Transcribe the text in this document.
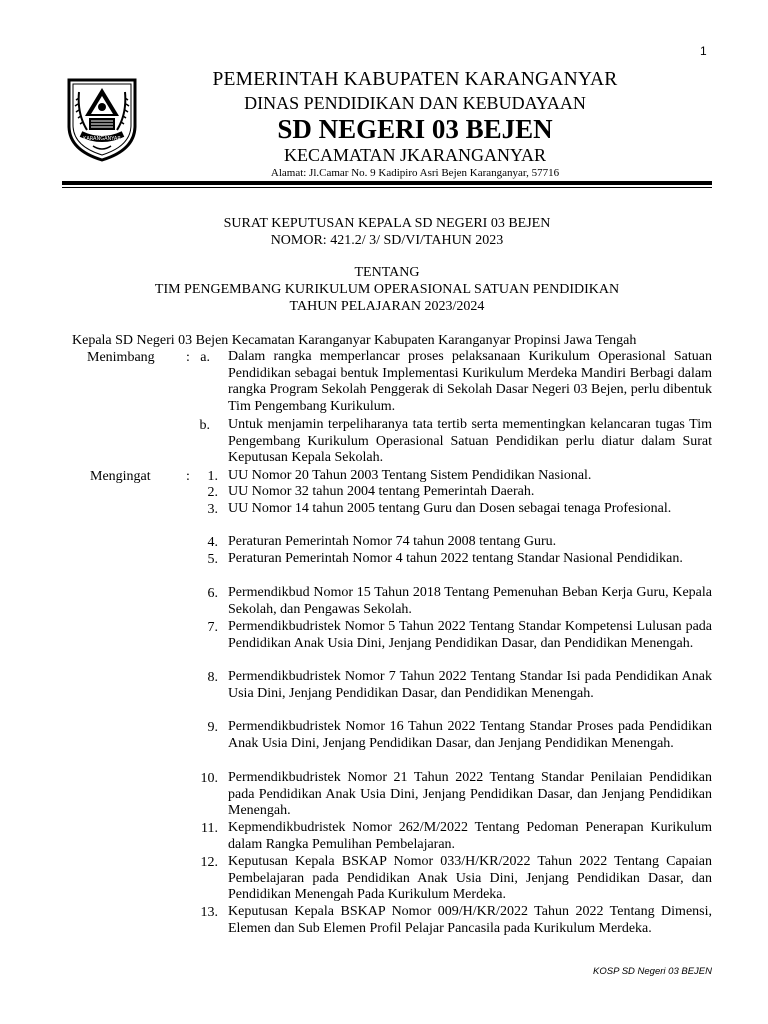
1
KARANGANYAR
PEMERINTAH KABUPATEN KARANGANYAR
DINAS PENDIDIKAN DAN KEBUDAYAAN
SD NEGERI 03 BEJEN
KECAMATAN JKARANGANYAR
Alamat: Jl.Camar No. 9 Kadipiro Asri Bejen Karanganyar, 57716
SURAT KEPUTUSAN KEPALA SD NEGERI 03 BEJEN
NOMOR: 421.2/ 3/ SD/VI/TAHUN 2023
TENTANG
TIM PENGEMBANG KURIKULUM OPERASIONAL SATUAN PENDIDIKAN
TAHUN PELAJARAN 2023/2024
Kepala SD Negeri 03 Bejen Kecamatan Karanganyar Kabupaten Karanganyar Propinsi Jawa Tengah
Menimbang : a. Dalam rangka memperlancar proses pelaksanaan Kurikulum Operasional Satuan Pendidikan sebagai bentuk Implementasi Kurikulum Merdeka Mandiri Berbagi dalam rangka Program Sekolah Penggerak di Sekolah Dasar Negeri 03 Bejen, perlu dibentuk Tim Pengembang Kurikulum.

b. Untuk menjamin terpeliharanya tata tertib serta mementingkan kelancaran tugas Tim Pengembang Kurikulum Operasional Satuan Pendidikan perlu diatur dalam Surat Keputusan Kepala Sekolah.

Mengingat	:	1. UU Nomor 20 Tahun 2003 Tentang Sistem Pendidikan Nasional.

2. UU Nomor 32 tahun 2004 tentang Pemerintah Daerah.

3. UU Nomor 14 tahun 2005 tentang Guru dan Dosen sebagai tenaga Profesional.

4. Peraturan Pemerintah Nomor 74 tahun 2008 tentang Guru.

5. Peraturan Pemerintah Nomor 4 tahun 2022 tentang Standar Nasional Pendidikan.

6. Permendikbud Nomor 15 Tahun 2018 Tentang Pemenuhan Beban Kerja Guru, Kepala Sekolah, dan Pengawas Sekolah.

7. Permendikbudristek Nomor 5 Tahun 2022 Tentang Standar Kompetensi Lulusan pada Pendidikan Anak Usia Dini, Jenjang Pendidikan Dasar, dan Pendidikan Menengah.

8. Permendikbudristek Nomor 7 Tahun 2022 Tentang Standar Isi pada Pendidikan Anak Usia Dini, Jenjang Pendidikan Dasar, dan Pendidikan Menengah.

9. Permendikbudristek Nomor 16 Tahun 2022 Tentang Standar Proses pada Pendidikan Anak Usia Dini, Jenjang Pendidikan Dasar, dan Jenjang Pendidikan Menengah.

10. Permendikbudristek Nomor 21 Tahun 2022 Tentang Standar Penilaian Pendidikan pada Pendidikan Anak Usia Dini, Jenjang Pendidikan Dasar, dan Jenjang Pendidikan Menengah.

11. Kepmendikbudristek Nomor 262/M/2022 Tentang Pedoman Penerapan Kurikulum dalam Rangka Pemulihan Pembelajaran.

12. Keputusan Kepala BSKAP Nomor 033/H/KR/2022 Tahun 2022 Tentang Capaian Pembelajaran pada Pendidikan Anak Usia Dini, Jenjang Pendidikan Dasar, dan Pendidikan Menengah Pada Kurikulum Merdeka.

13. Keputusan Kepala BSKAP Nomor 009/H/KR/2022 Tahun 2022 Tentang Dimensi, Elemen dan Sub Elemen Profil Pelajar Pancasila pada Kurikulum Merdeka.

KOSP SD Negeri 03 BEJEN
